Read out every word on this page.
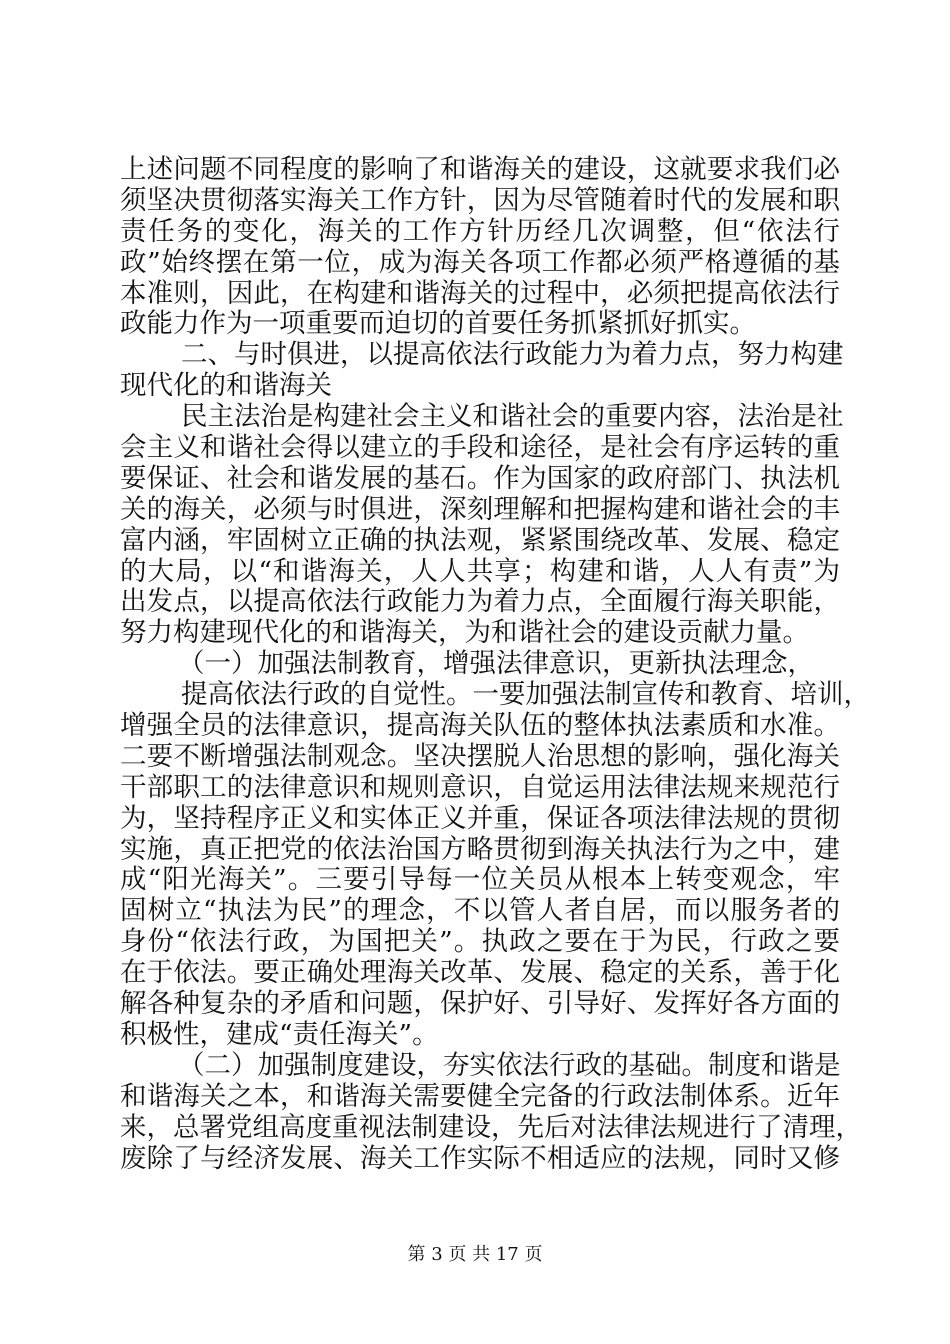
上述问题不同程度的影响了和谐海关的建设，这就要求我们必
须坚决贯彻落实海关工作方针，因为尽管随着时代的发展和职
责任务的变化，海关的工作方针历经几次调整，但“依法行
政”始终摆在第一位，成为海关各项工作都必须严格遵循的基
本准则，因此，在构建和谐海关的过程中，必须把提高依法行
政能力作为一项重要而迫切的首要任务抓紧抓好抓实。
二、与时俱进，以提高依法行政能力为着力点，努力构建
现代化的和谐海关
民主法治是构建社会主义和谐社会的重要内容，法治是社
会主义和谐社会得以建立的手段和途径，是社会有序运转的重
要保证、社会和谐发展的基石。作为国家的政府部门、执法机
关的海关，必须与时俱进，深刻理解和把握构建和谐社会的丰
富内涵，牢固树立正确的执法观，紧紧围绕改革、发展、稳定
的大局，以“和谐海关，人人共享；构建和谐，人人有责”为
出发点，以提高依法行政能力为着力点，全面履行海关职能，
努力构建现代化的和谐海关，为和谐社会的建设贡献力量。
（一）加强法制教育，增强法律意识，更新执法理念，
提高依法行政的自觉性。一要加强法制宣传和教育、培训，
增强全员的法律意识，提高海关队伍的整体执法素质和水准。
二要不断增强法制观念。坚决摆脱人治思想的影响，强化海关
干部职工的法律意识和规则意识，自觉运用法律法规来规范行
为，坚持程序正义和实体正义并重，保证各项法律法规的贯彻
实施，真正把党的依法治国方略贯彻到海关执法行为之中，建
成“阳光海关”。三要引导每一位关员从根本上转变观念，牢
固树立“执法为民”的理念，不以管人者自居，而以服务者的
身份“依法行政，为国把关”。执政之要在于为民，行政之要
在于依法。要正确处理海关改革、发展、稳定的关系，善于化
解各种复杂的矛盾和问题，保护好、引导好、发挥好各方面的
积极性，建成“责任海关”。
（二）加强制度建设，夯实依法行政的基础。制度和谐是
和谐海关之本，和谐海关需要健全完备的行政法制体系。近年
来，总署党组高度重视法制建设，先后对法律法规进行了清理，
废除了与经济发展、海关工作实际不相适应的法规，同时又修
第 3 页 共 17 页
